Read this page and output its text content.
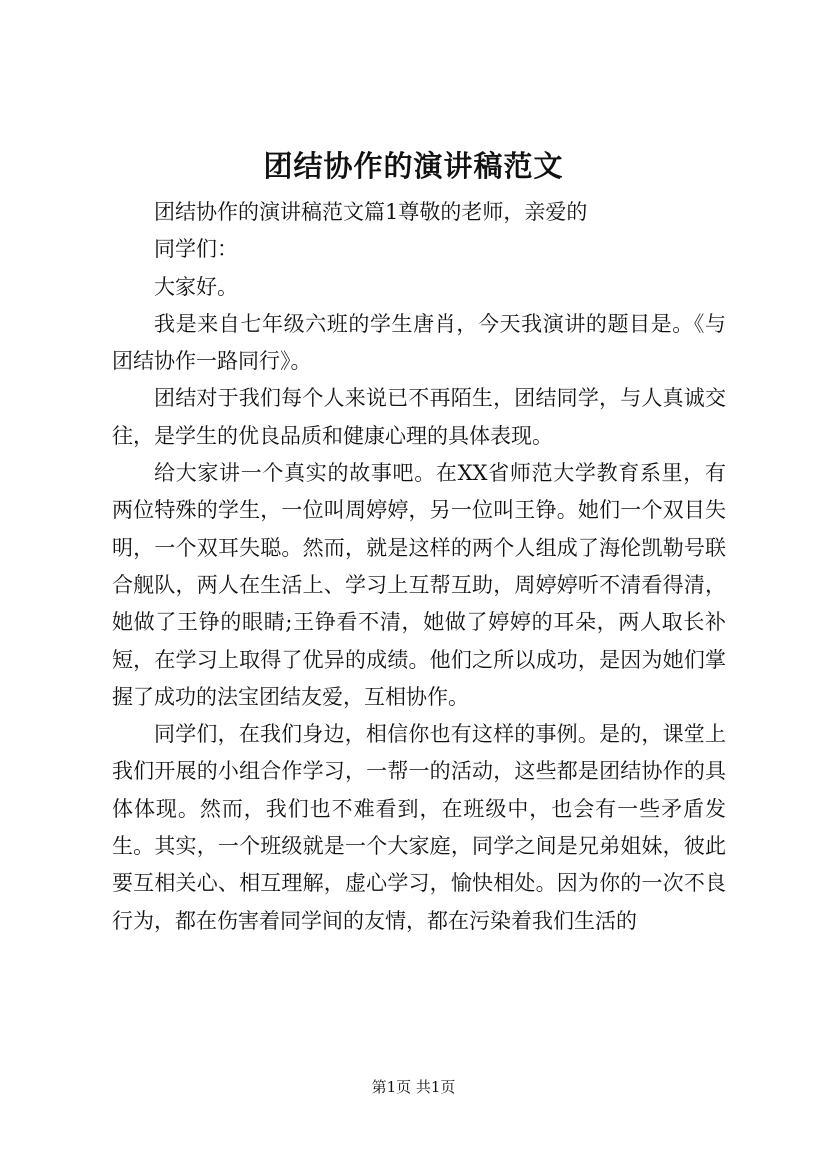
团结协作的演讲稿范文

团结协作的演讲稿范文篇1尊敬的老师，亲爱的

同学们：

大家好。

我是来自七年级六班的学生唐肖，今天我演讲的题目是。《与团结协作一路同行》。

团结对于我们每个人来说已不再陌生，团结同学，与人真诚交往，是学生的优良品质和健康心理的具体表现。

给大家讲一个真实的故事吧。在XX省师范大学教育系里，有两位特殊的学生，一位叫周婷婷，另一位叫王铮。她们一个双目失明，一个双耳失聪。然而，就是这样的两个人组成了海伦凯勒号联合舰队，两人在生活上、学习上互帮互助，周婷婷听不清看得清，她做了王铮的眼睛;王铮看不清，她做了婷婷的耳朵，两人取长补短，在学习上取得了优异的成绩。他们之所以成功，是因为她们掌握了成功的法宝团结友爱，互相协作。

同学们，在我们身边，相信你也有这样的事例。是的，课堂上我们开展的小组合作学习，一帮一的活动，这些都是团结协作的具体体现。然而，我们也不难看到，在班级中，也会有一些矛盾发生。其实，一个班级就是一个大家庭，同学之间是兄弟姐妹，彼此要互相关心、相互理解，虚心学习，愉快相处。因为你的一次不良行为，都在伤害着同学间的友情，都在污染着我们生活的

第1页 共1页
